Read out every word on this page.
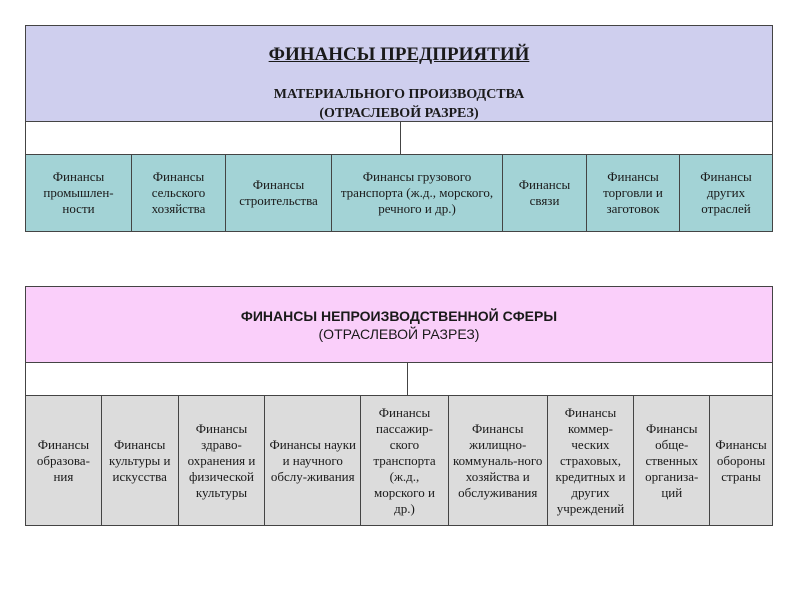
ФИНАНСЫ ПРЕДПРИЯТИЙ
МАТЕРИАЛЬНОГО ПРОИЗВОДСТВА
(ОТРАСЛЕВОЙ РАЗРЕЗ)
Финансы промышлен-ности
Финансы сельского хозяйства
Финансы строительства
Финансы грузового транспорта (ж.д., морского, речного и др.)
Финансы связи
Финансы торговли и заготовок
Финансы других отраслей
ФИНАНСЫ НЕПРОИЗВОДСТВЕННОЙ СФЕРЫ
(ОТРАСЛЕВОЙ РАЗРЕЗ)
Финансы образова-ния
Финансы культуры и искусства
Финансы здраво-охранения и физической культуры
Финансы науки и научного обслу-живания
Финансы пассажир-ского транспорта (ж.д., морского и др.)
Финансы жилищно-коммуналь-ного хозяйства и обслуживания
Финансы коммер-ческих страховых, кредитных и других учреждений
Финансы обще-ственных организа-ций
Финансы обороны страны
